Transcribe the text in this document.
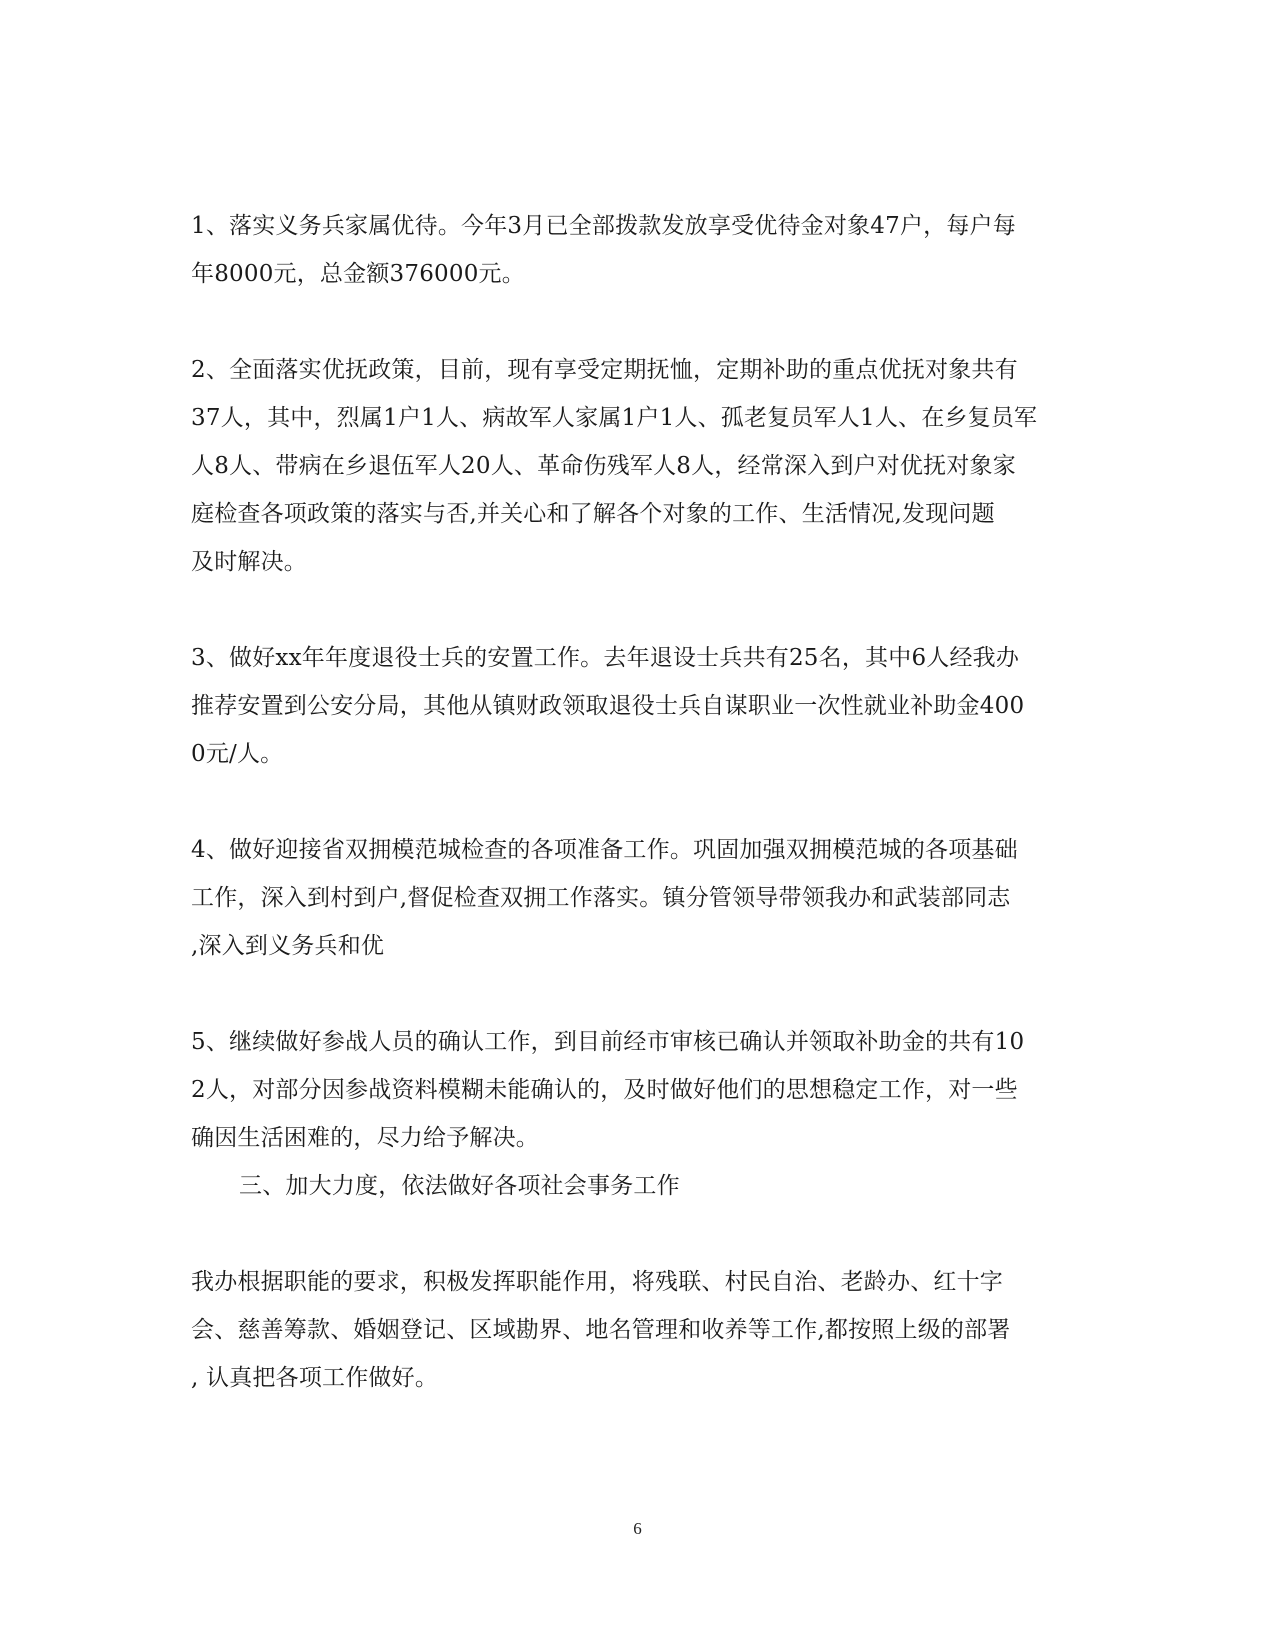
1、落实义务兵家属优待。今年3月已全部拨款发放享受优待金对象47户，每户每
年8000元，总金额376000元。
2、全面落实优抚政策，目前，现有享受定期抚恤，定期补助的重点优抚对象共有
37人，其中，烈属1户1人、病故军人家属1户1人、孤老复员军人1人、在乡复员军
人8人、带病在乡退伍军人20人、革命伤残军人8人，经常深入到户对优抚对象家
庭检查各项政策的落实与否,并关心和了解各个对象的工作、生活情况,发现问题
及时解决。
3、做好xx年年度退役士兵的安置工作。去年退设士兵共有25名，其中6人经我办
推荐安置到公安分局，其他从镇财政领取退役士兵自谋职业一次性就业补助金400
0元/人。
4、做好迎接省双拥模范城检查的各项准备工作。巩固加强双拥模范城的各项基础
工作，深入到村到户,督促检查双拥工作落实。镇分管领导带领我办和武装部同志
,深入到义务兵和优
5、继续做好参战人员的确认工作，到目前经市审核已确认并领取补助金的共有10
2人，对部分因参战资料模糊未能确认的，及时做好他们的思想稳定工作，对一些
确因生活困难的，尽力给予解决。
三、加大力度，依法做好各项社会事务工作
我办根据职能的要求，积极发挥职能作用，将残联、村民自治、老龄办、红十字
会、慈善筹款、婚姻登记、区域勘界、地名管理和收养等工作,都按照上级的部署
, 认真把各项工作做好。
6
